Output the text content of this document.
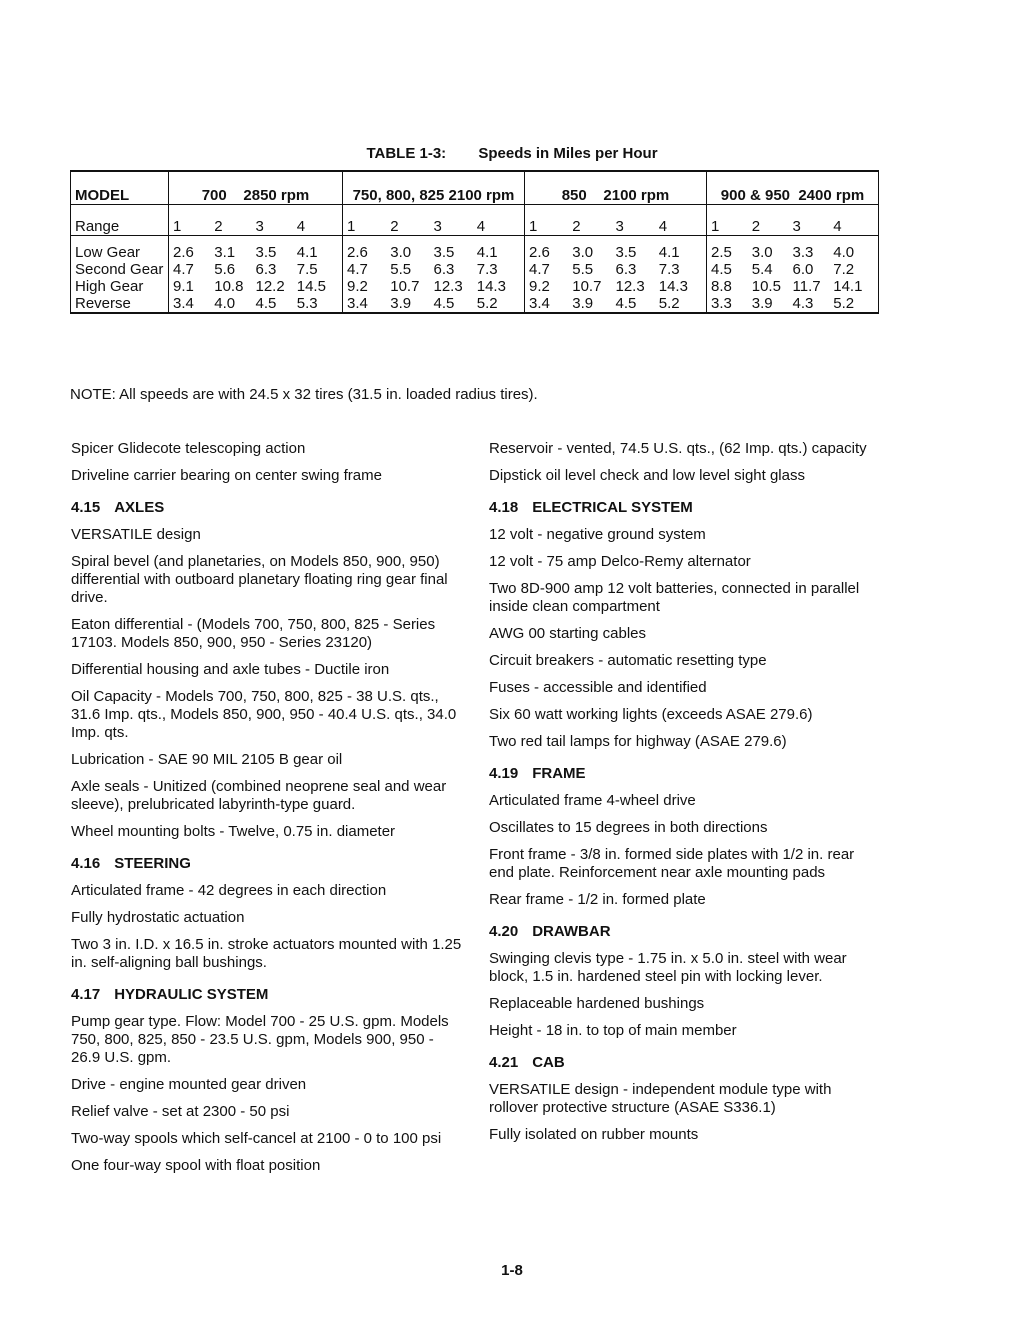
TABLE 1-3: Speeds in Miles per Hour
MODEL	700    2850 rpm	750, 800, 825 2100 rpm	850    2100 rpm	900 & 950  2400 rpm
Range	1 2 3 4	1 2 3 4	1 2 3 4	1 2 3 4

Low Gear	2.6 3.1 3.5 4.1	2.6 3.0 3.5 4.1	2.6 3.0 3.5 4.1	2.5 3.0 3.3 4.0

Second Gear	4.7 5.6 6.3 7.5	4.7 5.5 6.3 7.3	4.7 5.5 6.3 7.3	4.5 5.4 6.0 7.2

High Gear	9.1 10.8 12.2 14.5	9.2 10.7 12.3 14.3	9.2 10.7 12.3 14.3	8.8 10.5 11.7 14.1

Reverse	3.4 4.0 4.5 5.3	3.4 3.9 4.5 5.2	3.4 3.9 4.5 5.2	3.3 3.9 4.3 5.2
NOTE: All speeds are with 24.5 x 32 tires (31.5 in. loaded radius tires).

Spicer Glidecote telescoping action

Driveline carrier bearing on center swing frame

4.15 AXLES

VERSATILE design

Spiral bevel (and planetaries, on Models 850, 900, 950) differential with outboard planetary floating ring gear final drive.

Eaton differential - (Models 700, 750, 800, 825 - Series 17103. Models 850, 900, 950 - Series 23120)

Differential housing and axle tubes - Ductile iron

Oil Capacity - Models 700, 750, 800, 825 - 38 U.S. qts., 31.6 Imp. qts., Models 850, 900, 950 - 40.4 U.S. qts., 34.0 Imp. qts.

Lubrication - SAE 90 MIL 2105 B gear oil

Axle seals - Unitized (combined neoprene seal and wear sleeve), prelubricated labyrinth-type guard.

Wheel mounting bolts - Twelve, 0.75 in. diameter

4.16 STEERING

Articulated frame - 42 degrees in each direction

Fully hydrostatic actuation

Two 3 in. I.D. x 16.5 in. stroke actuators mounted with 1.25 in. self-aligning ball bushings.

4.17 HYDRAULIC SYSTEM

Pump gear type. Flow: Model 700 - 25 U.S. gpm. Models 750, 800, 825, 850 - 23.5 U.S. gpm, Models 900, 950 - 26.9 U.S. gpm.

Drive - engine mounted gear driven

Relief valve - set at 2300 - 50 psi

Two-way spools which self-cancel at 2100 - 0 to 100 psi

One four-way spool with float position

Reservoir - vented, 74.5 U.S. qts., (62 Imp. qts.) capacity

Dipstick oil level check and low level sight glass

4.18 ELECTRICAL SYSTEM

12 volt - negative ground system

12 volt - 75 amp Delco-Remy alternator

Two 8D-900 amp 12 volt batteries, connected in parallel inside clean compartment

AWG 00 starting cables

Circuit breakers - automatic resetting type

Fuses - accessible and identified

Six 60 watt working lights (exceeds ASAE 279.6)

Two red tail lamps for highway (ASAE 279.6)

4.19 FRAME

Articulated frame 4-wheel drive

Oscillates to 15 degrees in both directions

Front frame - 3/8 in. formed side plates with 1/2 in. rear end plate. Reinforcement near axle mounting pads

Rear frame - 1/2 in. formed plate

4.20 DRAWBAR

Swinging clevis type - 1.75 in. x 5.0 in. steel with wear block, 1.5 in. hardened steel pin with locking lever.

Replaceable hardened bushings

Height - 18 in. to top of main member

4.21 CAB

VERSATILE design - independent module type with rollover protective structure (ASAE S336.1)

Fully isolated on rubber mounts

1-8
